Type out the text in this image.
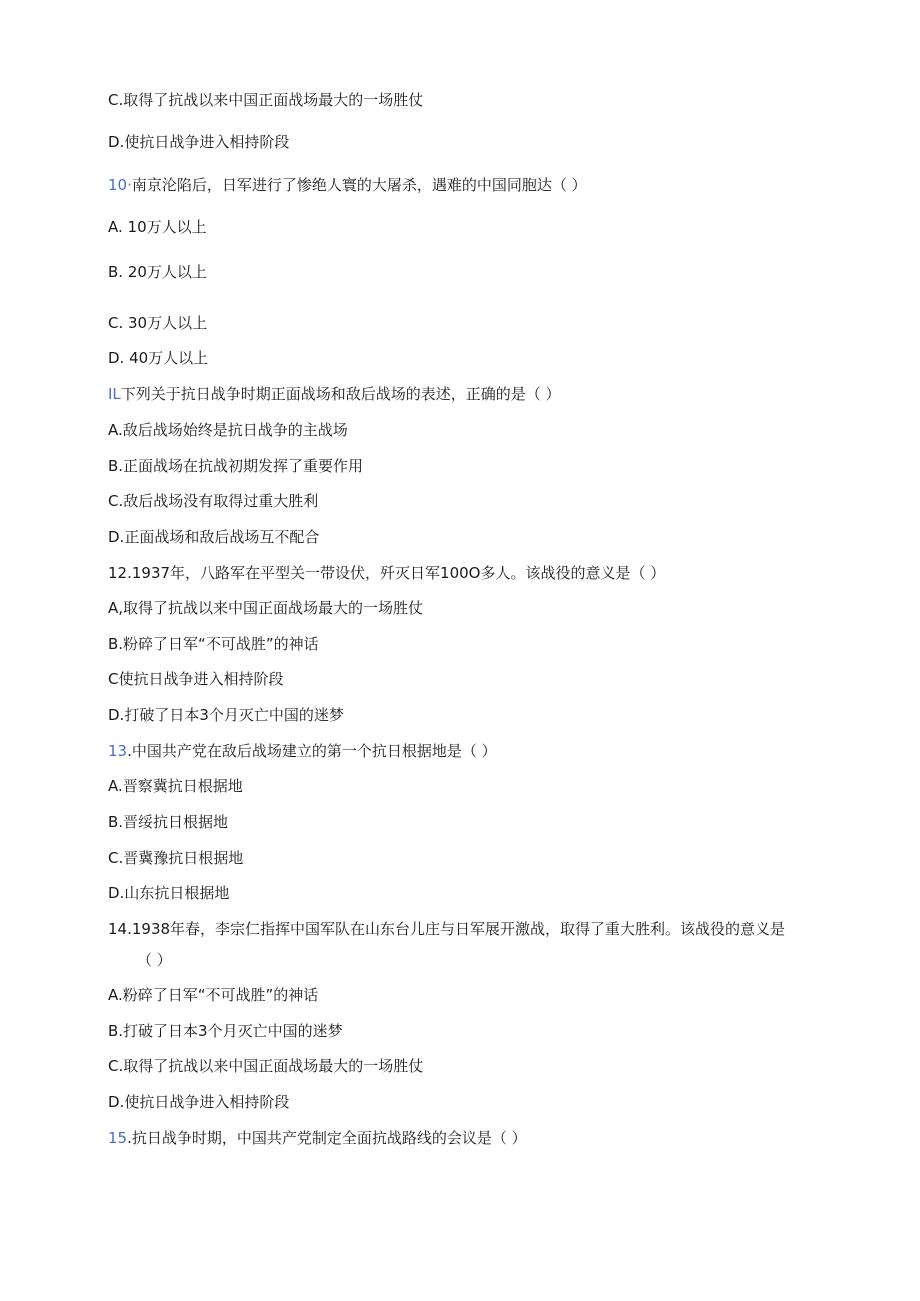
C.取得了抗战以来中国正面战场最大的一场胜仗
D.使抗日战争进入相持阶段
10·南京沦陷后，日军进行了惨绝人寰的大屠杀，遇难的中国同胞达（ ）
A. 10万人以上
B. 20万人以上
C. 30万人以上
D. 40万人以上
IL下列关于抗日战争时期正面战场和敌后战场的表述，正确的是（ ）
A.敌后战场始终是抗日战争的主战场
B.正面战场在抗战初期发挥了重要作用
C.敌后战场没有取得过重大胜利
D.正面战场和敌后战场互不配合
12.1937年，八路军在平型关一带设伏，歼灭日军100O多人。该战役的意义是（ ）
A,取得了抗战以来中国正面战场最大的一场胜仗
B.粉碎了日军“不可战胜”的神话
C使抗日战争进入相持阶段
D.打破了日本3个月灭亡中国的迷梦
13.中国共产党在敌后战场建立的第一个抗日根据地是（ ）
A.晋察冀抗日根据地
B.晋绥抗日根据地
C.晋冀豫抗日根据地
D.山东抗日根据地
14.1938年春，李宗仁指挥中国军队在山东台儿庄与日军展开激战，取得了重大胜利。该战役的意义是
（ ）
A.粉碎了日军“不可战胜”的神话
B.打破了日本3个月灭亡中国的迷梦
C.取得了抗战以来中国正面战场最大的一场胜仗
D.使抗日战争进入相持阶段
15.抗日战争时期，中国共产党制定全面抗战路线的会议是（ ）
